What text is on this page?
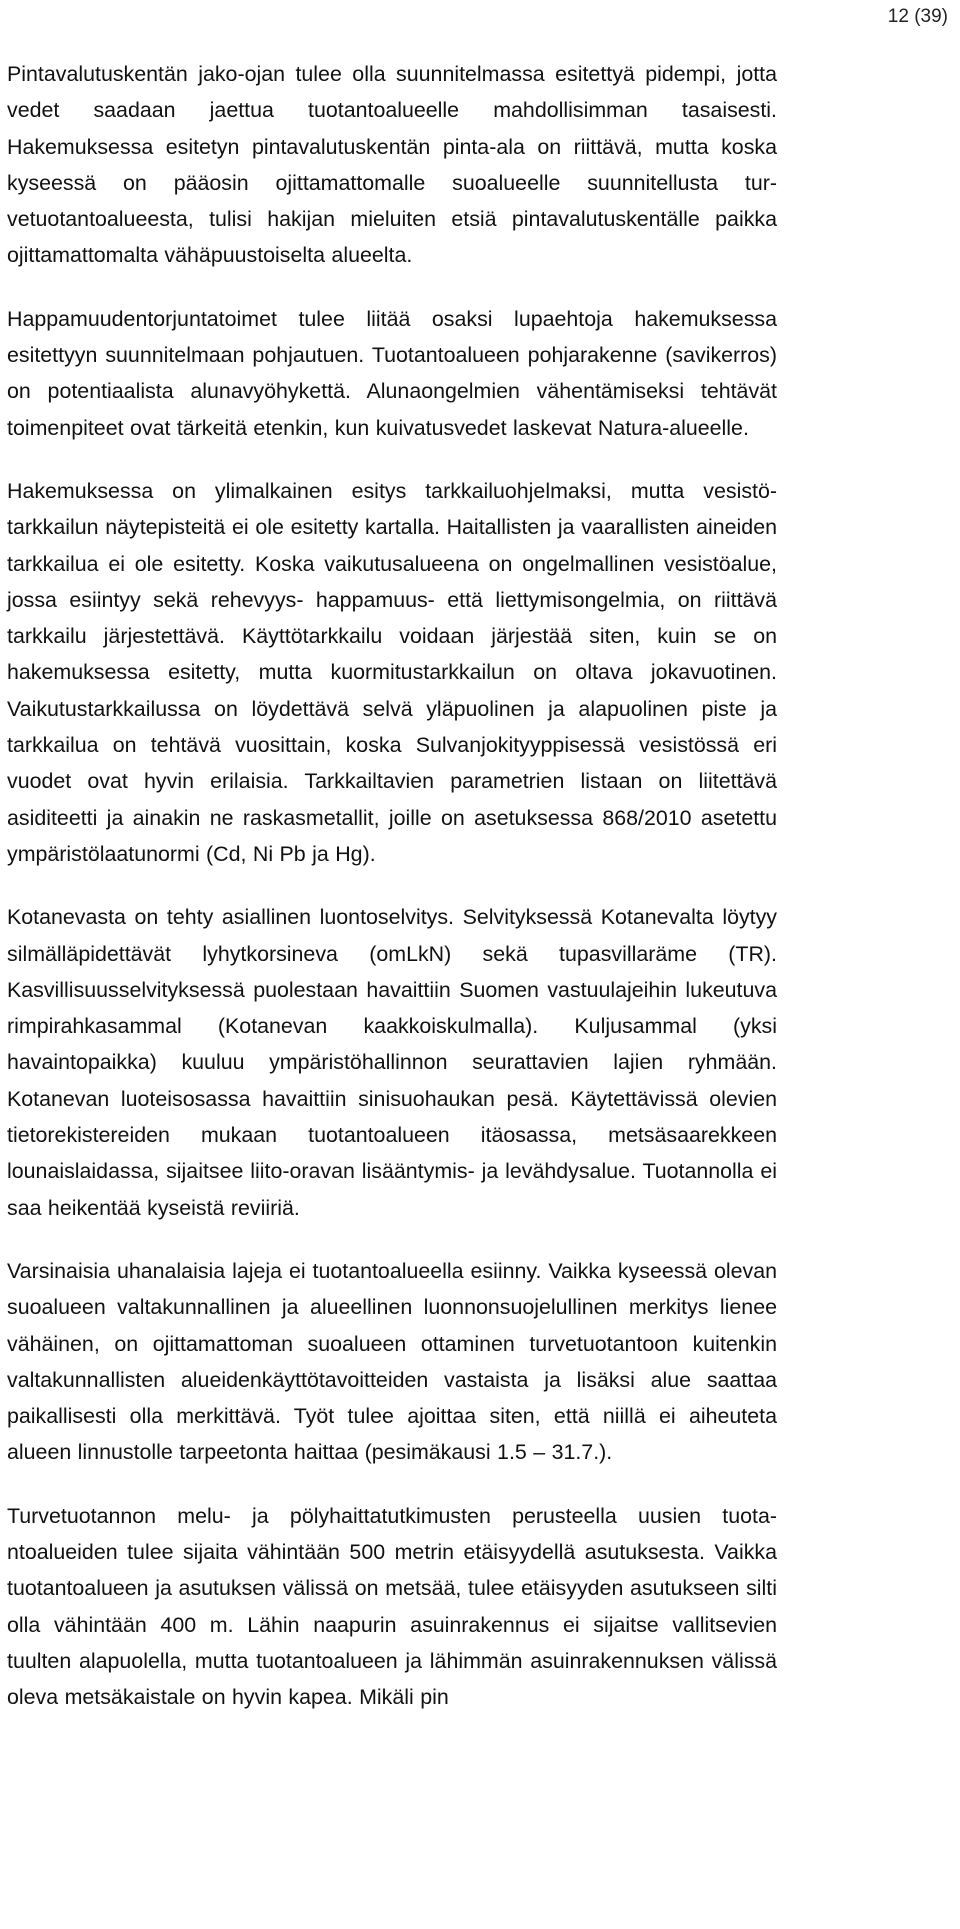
12 (39)

Pintavalutuskentän jako-ojan tulee olla suunnitelmassa esitettyä pidempi, jotta vedet saadaan jaettua tuotantoalueelle mahdollisimman tasaisesti. Hakemuksessa esitetyn pintavalutuskentän pinta-ala on riittävä, mutta koska kyseessä on pääosin ojittamattomalle suoalueelle suunnitellusta turvetuotantoalueesta, tulisi hakijan mieluiten etsiä pintavalutuskentälle paikka ojittamattomalta vähäpuustoiselta alueelta.

Happamuudentorjuntatoimet tulee liitää osaksi lupaehtoja hakemuksessa esitettyyn suunnitelmaan pohjautuen. Tuotantoalueen pohjarakenne (savikerros) on potentiaalista alunavyöhykettä. Alunaongelmien vähentämiseksi tehtävät toimenpiteet ovat tärkeitä etenkin, kun kuivatusvedet laskevat Natura-alueelle.

Hakemuksessa on ylimalkainen esitys tarkkailuohjelmaksi, mutta vesistötarkkailun näytepisteitä ei ole esitetty kartalla. Haitallisten ja vaarallisten aineiden tarkkailua ei ole esitetty. Koska vaikutusalueena on ongelmallinen vesistöalue, jossa esiintyy sekä rehevyys- happamuus- että liettymisongelmia, on riittävä tarkkailu järjestettävä. Käyttötarkkailu voidaan järjestää siten, kuin se on hakemuksessa esitetty, mutta kuormitustarkkailun on oltava jokavuotinen. Vaikutustarkkailussa on löydettävä selvä yläpuolinen ja alapuolinen piste ja tarkkailua on tehtävä vuosittain, koska Sulvanjokityyppisessä vesistössä eri vuodet ovat hyvin erilaisia. Tarkkailtavien parametrien listaan on liitettävä asiditeetti ja ainakin ne raskasmetallit, joille on asetuksessa 868/2010 asetettu ympäristölaatunormi (Cd, Ni Pb ja Hg).

Kotanevasta on tehty asiallinen luontoselvitys. Selvityksessä Kotanevalta löytyy silmälläpidettävät lyhytkorsineva (omLkN) sekä tupasvillaräme (TR). Kasvillisuusselvityksessä puolestaan havaittiin Suomen vastuulajeihin lukeutuva rimpirahkasammal (Kotanevan kaakkoiskulmalla). Kuljusammal (yksi havaintopaikka) kuuluu ympäristöhallinnon seurattavien lajien ryhmään. Kotanevan luoteisosassa havaittiin sinisuohaukan pesä. Käytettävissä olevien tietorekistereiden mukaan tuotantoalueen itäosassa, metsäsaarekkeen lounaislaidassa, sijaitsee liito-oravan lisääntymis- ja levähdysalue. Tuotannolla ei saa heikentää kyseistä reviiriä.

Varsinaisia uhanalaisia lajeja ei tuotantoalueella esiinny. Vaikka kyseessä olevan suoalueen valtakunnallinen ja alueellinen luonnonsuojelullinen merkitys lienee vähäinen, on ojittamattoman suoalueen ottaminen turvetuotantoon kuitenkin valtakunnallisten alueidenkäyttötavoitteiden vastaista ja lisäksi alue saattaa paikallisesti olla merkittävä. Työt tulee ajoittaa siten, että niillä ei aiheuteta alueen linnustolle tarpeetonta haittaa (pesimäkausi 1.5 – 31.7.).

Turvetuotannon melu- ja pölyhaittatutkimusten perusteella uusien tuotantoalueiden tulee sijaita vähintään 500 metrin etäisyydellä asutuksesta. Vaikka tuotantoalueen ja asutuksen välissä on metsää, tulee etäisyyden asutukseen silti olla vähintään 400 m. Lähin naapurin asuinrakennus ei sijaitse vallitsevien tuulten alapuolella, mutta tuotantoalueen ja lähimmän asuinrakennuksen välissä oleva metsäkaistale on hyvin kapea. Mikäli pin
